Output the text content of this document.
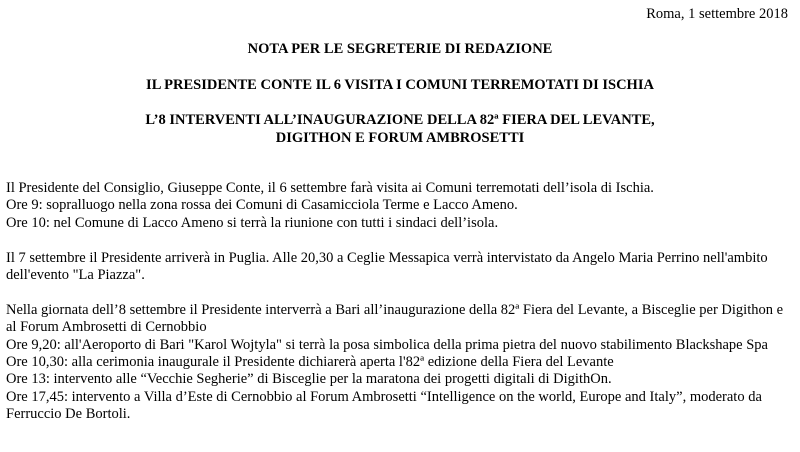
Roma, 1 settembre 2018
NOTA PER LE SEGRETERIE DI REDAZIONE
IL PRESIDENTE CONTE IL 6 VISITA I COMUNI TERREMOTATI DI ISCHIA
L’8 INTERVENTI ALL’INAUGURAZIONE DELLA 82ª FIERA DEL LEVANTE,
DIGITHON E FORUM AMBROSETTI

Il Presidente del Consiglio, Giuseppe Conte, il 6 settembre farà visita ai Comuni terremotati dell’isola di Ischia.

Ore 9: sopralluogo nella zona rossa dei Comuni di Casamicciola Terme e Lacco Ameno.

Ore 10: nel Comune di Lacco Ameno si terrà la riunione con tutti i sindaci dell’isola.

Il 7 settembre il Presidente arriverà in Puglia. Alle 20,30 a Ceglie Messapica verrà intervistato da Angelo Maria Perrino nell'ambito dell'evento "La Piazza".

Nella giornata dell’8 settembre il Presidente interverrà a Bari all’inaugurazione della 82ª Fiera del Levante, a Bisceglie per Digithon e al Forum Ambrosetti di Cernobbio

Ore 9,20: all'Aeroporto di Bari "Karol Wojtyla" si terrà la posa simbolica della prima pietra del nuovo stabilimento Blackshape Spa

Ore 10,30: alla cerimonia inaugurale il Presidente dichiarerà aperta l'82ª edizione della Fiera del Levante

Ore 13: intervento alle “Vecchie Segherie” di Bisceglie per la maratona dei progetti digitali di DigithOn.

Ore 17,45: intervento a Villa d’Este di Cernobbio al Forum Ambrosetti “Intelligence on the world, Europe and Italy”, moderato da Ferruccio De Bortoli.
